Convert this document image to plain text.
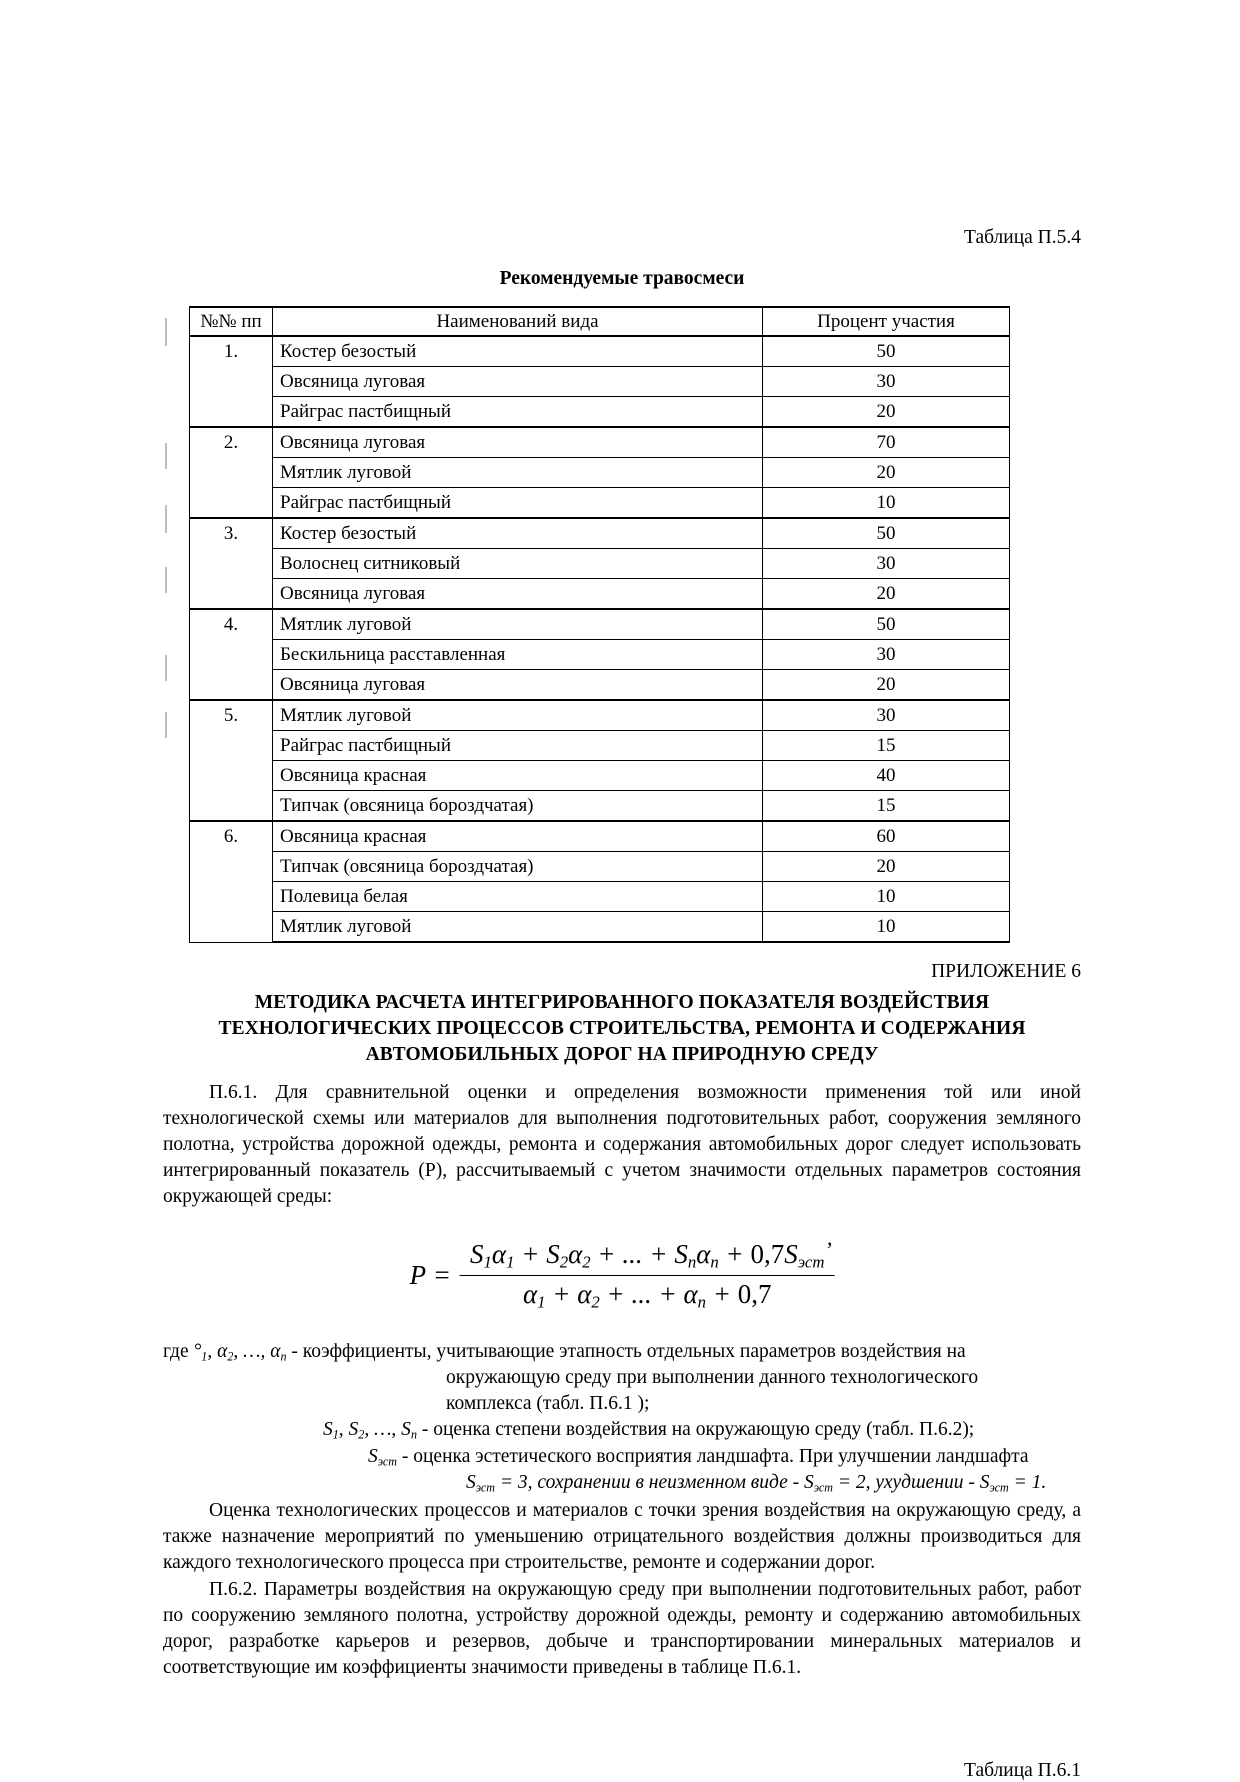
Таблица П.5.4
Рекомендуемые травосмеси
№№ пп	Наименований вида	Процент участия

1.	Костер безостый	50

	Овсяница луговая	30

	Райграс пастбищный	20

2.	Овсяница луговая	70

	Мятлик луговой	20

	Райграс пастбищный	10

3.	Костер безостый	50

	Волоснец ситниковый	30

	Овсяница луговая	20

4.	Мятлик луговой	50

	Бескильница расставленная	30

	Овсяница луговая	20

5.	Мятлик луговой	30

	Райграс пастбищный	15

	Овсяница красная	40

	Типчак (овсяница бороздчатая)	15

6.	Овсяница красная	60

	Типчак (овсяница бороздчатая)	20

	Полевица белая	10

	Мятлик луговой	10
ПРИЛОЖЕНИЕ 6
МЕТОДИКА РАСЧЕТА ИНТЕГРИРОВАННОГО ПОКАЗАТЕЛЯ ВОЗДЕЙСТВИЯ
ТЕХНОЛОГИЧЕСКИХ ПРОЦЕССОВ СТРОИТЕЛЬСТВА, РЕМОНТА И СОДЕРЖАНИЯ
АВТОМОБИЛЬНЫХ ДОРОГ НА ПРИРОДНУЮ СРЕДУ

П.6.1. Для сравнительной оценки и определения возможности применения той или иной технологической схемы или материалов для выполнения подготовительных работ, сооружения земляного полотна, устройства дорожной одежды, ремонта и содержания автомобильных дорог следует использовать интегрированный показатель (Р), рассчитываемый с учетом значимости отдельных параметров состояния окружающей среды:

,
$P = \frac{\text{S1α1 + S2α2 + ... + Snαn + 0,7Sэст}}{\alpha 1 + \alpha 2 + ... + \alpha n + 0,7}$
где $^\circ_1$, $\alpha_2$, …, $\alpha_n$ - коэффициенты, учитывающие этапность отдельных параметров воздействия на
окружающую среду при выполнении данного технологического
комплекса (табл. П.6.1 );
$S_1$, $S_2$, …, $S_n$ - оценка степени воздействия на окружающую среду (табл. П.6.2);
$S_{эст}$ - оценка эстетического восприятия ландшафта. При улучшении ландшафта
$S_{эст} = 3$, сохранении в неизменном виде - $S_{эст} = 2$, ухудшении - $S_{эст} = 1$.

Оценка технологических процессов и материалов с точки зрения воздействия на окружающую среду, а также назначение мероприятий по уменьшению отрицательного воздействия должны производиться для каждого технологического процесса при строительстве, ремонте и содержании дорог.

П.6.2. Параметры воздействия на окружающую среду при выполнении подготовительных работ, работ по сооружению земляного полотна, устройству дорожной одежды, ремонту и содержанию автомобильных дорог, разработке карьеров и резервов, добыче и транспортировании минеральных материалов и соответствующие им коэффициенты значимости приведены в таблице П.6.1.

Таблица П.6.1
